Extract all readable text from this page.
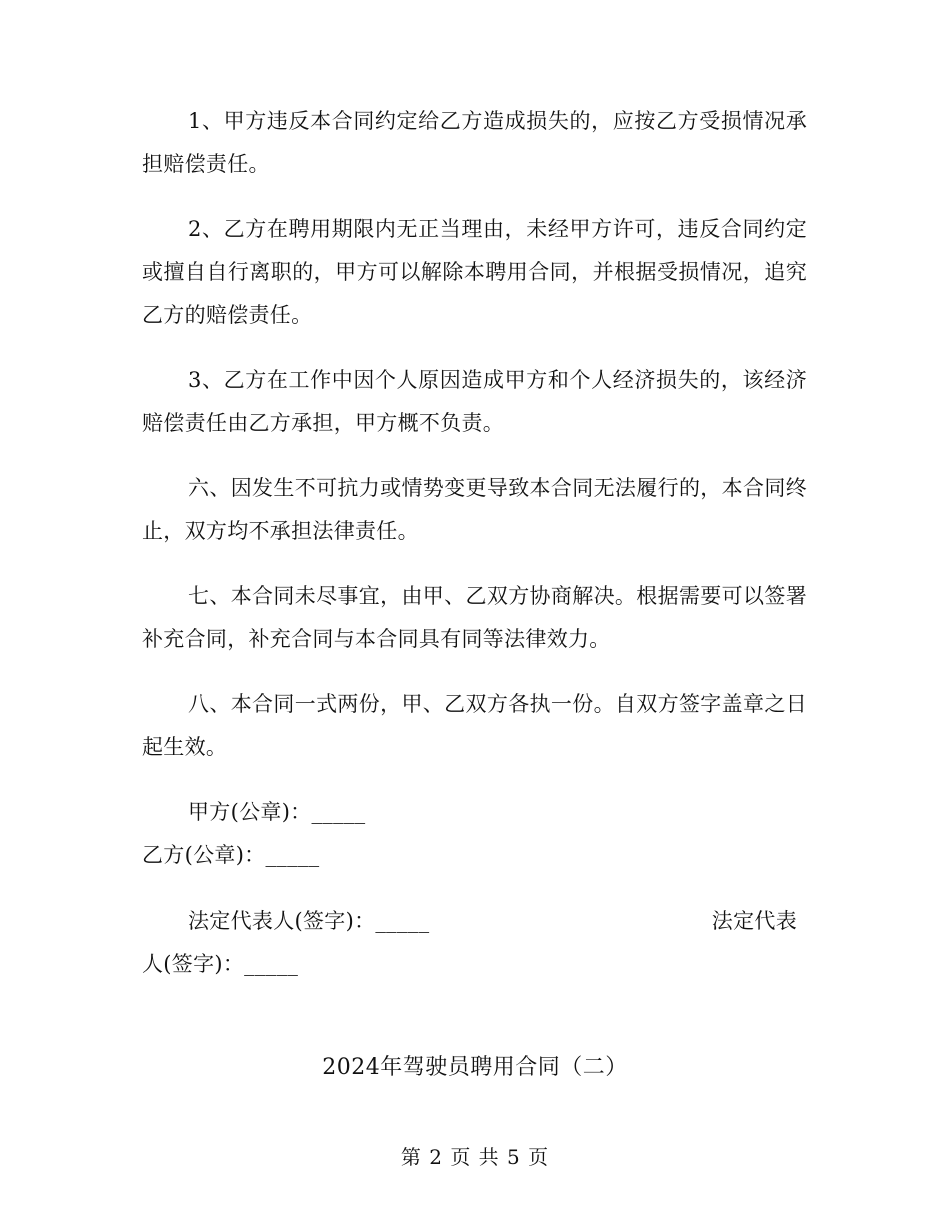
1、甲方违反本合同约定给乙方造成损失的，应按乙方受损情况承担赔偿责任。

2、乙方在聘用期限内无正当理由，未经甲方许可，违反合同约定或擅自自行离职的，甲方可以解除本聘用合同，并根据受损情况，追究乙方的赔偿责任。

3、乙方在工作中因个人原因造成甲方和个人经济损失的，该经济赔偿责任由乙方承担，甲方概不负责。

六、因发生不可抗力或情势变更导致本合同无法履行的，本合同终止，双方均不承担法律责任。

七、本合同未尽事宜，由甲、乙双方协商解决。根据需要可以签署补充合同，补充合同与本合同具有同等法律效力。

八、本合同一式两份，甲、乙双方各执一份。自双方签字盖章之日起生效。

甲方(公章)：_____

乙方(公章)：_____

法定代表人(签字)：_____	法定代表

人(签字)：_____

2024年驾驶员聘用合同（二）
第 2 页 共 5 页
